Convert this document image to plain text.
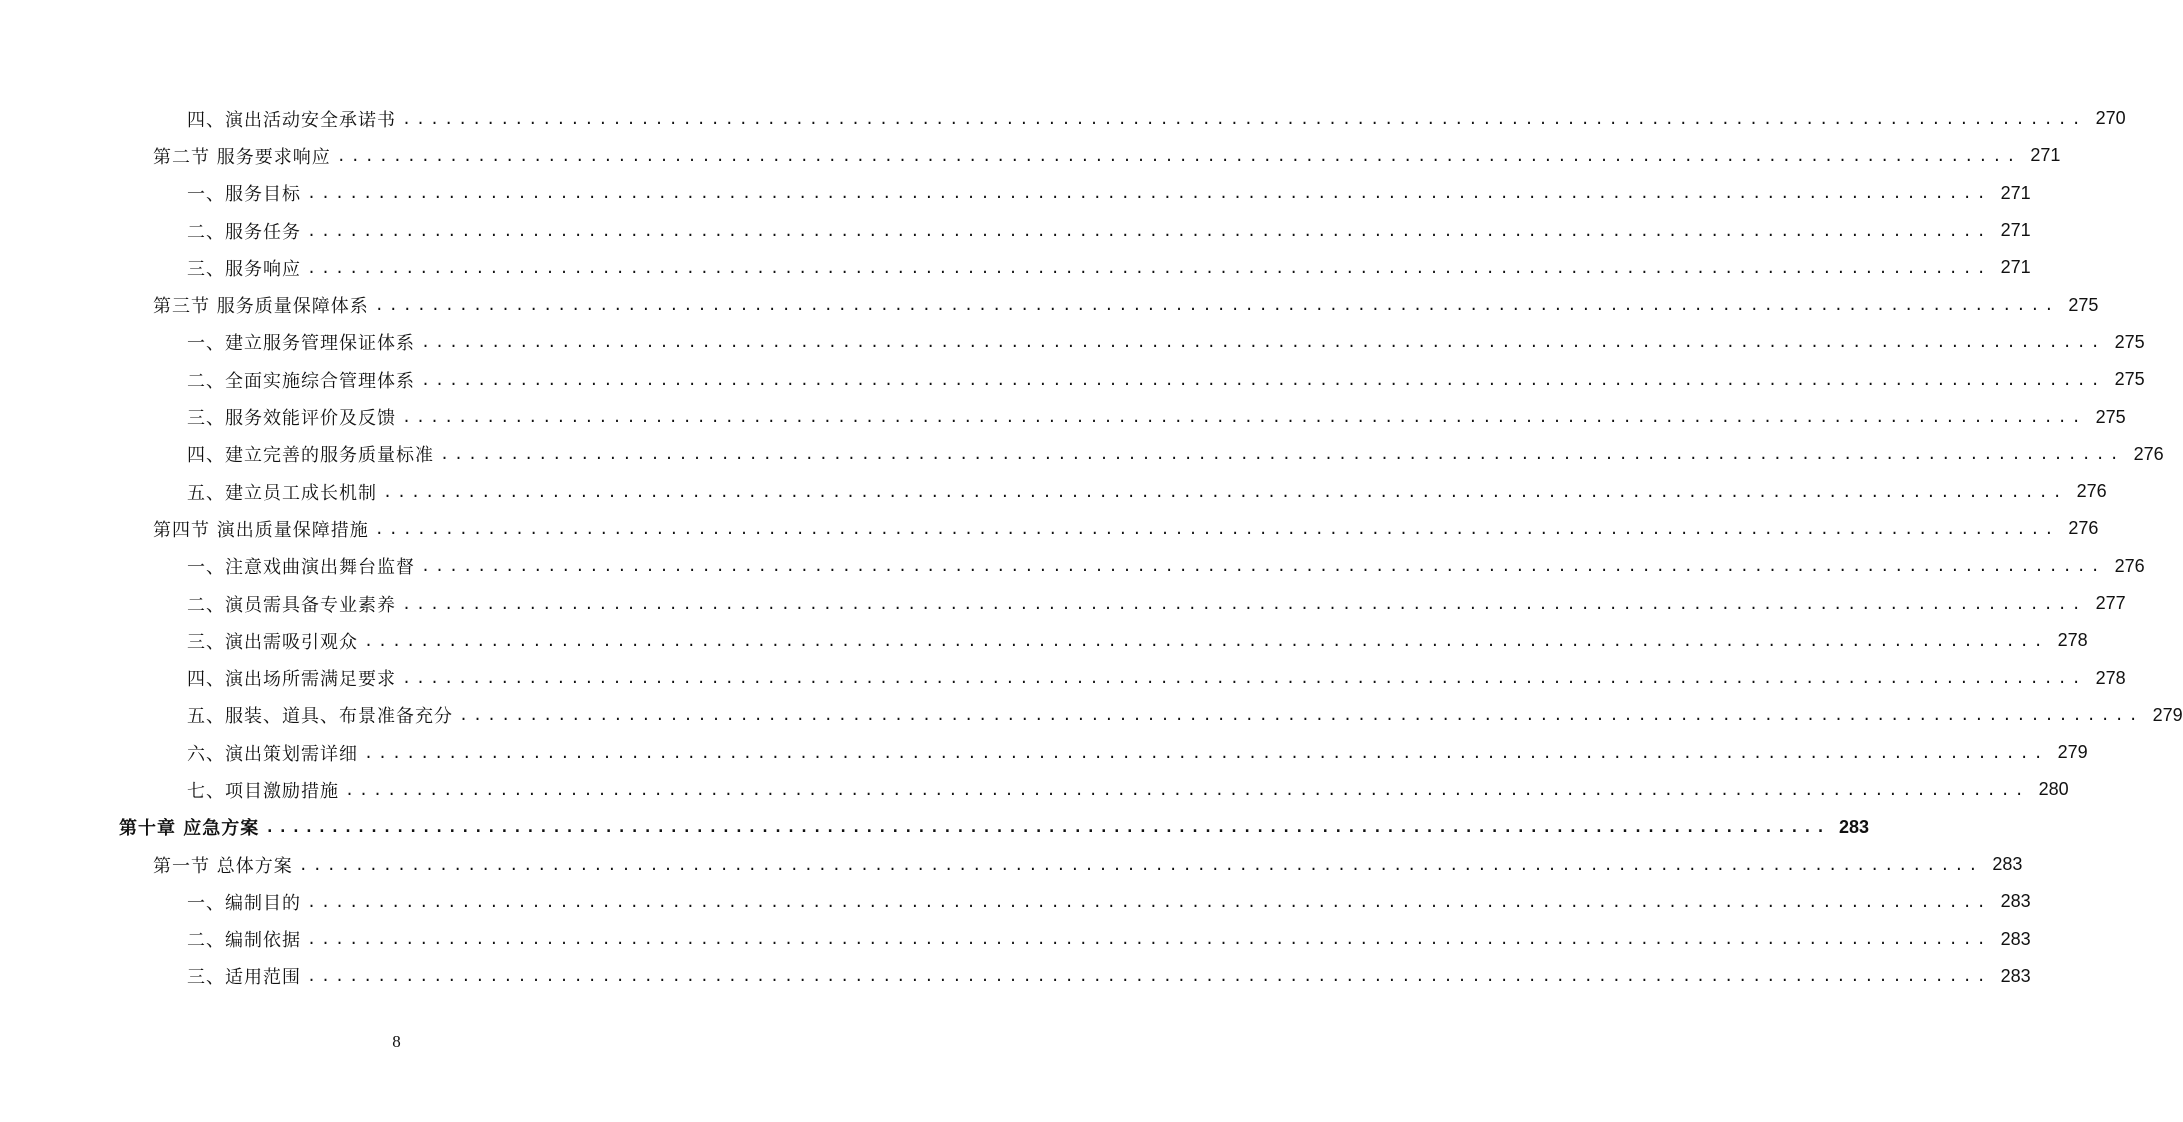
四、演出活动安全承诺书 ........................................................................................................................ 270
第二节 服务要求响应 ........................................................................................................................ 271
一、服务目标 ........................................................................................................................ 271
二、服务任务 ........................................................................................................................ 271
三、服务响应 ........................................................................................................................ 271
第三节 服务质量保障体系 ........................................................................................................................ 275
一、建立服务管理保证体系 ........................................................................................................................ 275
二、全面实施综合管理体系 ........................................................................................................................ 275
三、服务效能评价及反馈 ........................................................................................................................ 275
四、建立完善的服务质量标准 ........................................................................................................................ 276
五、建立员工成长机制 ........................................................................................................................ 276
第四节 演出质量保障措施 ........................................................................................................................ 276
一、注意戏曲演出舞台监督 ........................................................................................................................ 276
二、演员需具备专业素养 ........................................................................................................................ 277
三、演出需吸引观众 ........................................................................................................................ 278
四、演出场所需满足要求 ........................................................................................................................ 278
五、服装、道具、布景准备充分 ........................................................................................................................ 279
六、演出策划需详细 ........................................................................................................................ 279
七、项目激励措施 ........................................................................................................................ 280
第十章 应急方案 ........................................................................................................................ 283
第一节 总体方案 ........................................................................................................................ 283
一、编制目的 ........................................................................................................................ 283
二、编制依据 ........................................................................................................................ 283
三、适用范围 ........................................................................................................................ 283
8
